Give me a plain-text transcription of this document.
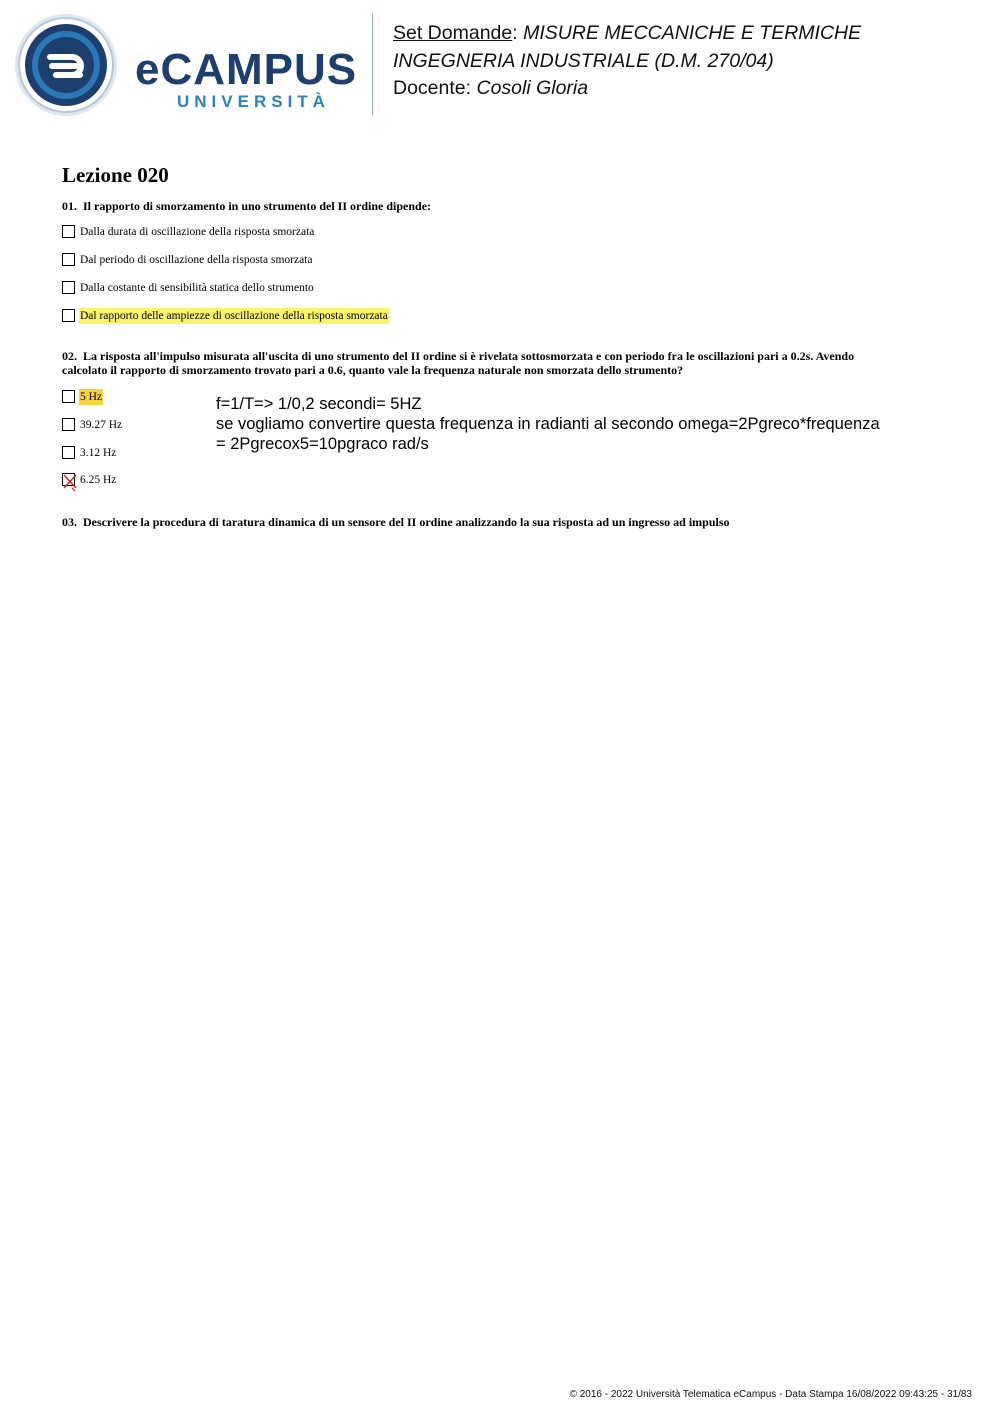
eCAMPUS
UNIVERSITÀ
Set Domande: MISURE MECCANICHE E TERMICHE
INGEGNERIA INDUSTRIALE (D.M. 270/04)
Docente: Cosoli Gloria
Lezione 020
01. Il rapporto di smorzamento in uno strumento del II ordine dipende:
Dalla durata di oscillazione della risposta smorzata
Dal periodo di oscillazione della risposta smorzata
Dalla costante di sensibilità statica dello strumento
Dal rapporto delle ampiezze di oscillazione della risposta smorzata
02. La risposta all'impulso misurata all'uscita di uno strumento del II ordine si è rivelata sottosmorzata e con periodo fra le oscillazioni pari a 0.2s. Avendo
calcolato il rapporto di smorzamento trovato pari a 0.6, quanto vale la frequenza naturale non smorzata dello strumento?
5 Hz
39.27 Hz
3.12 Hz
6.25 Hz
f=1/T=> 1/0,2 secondi= 5HZ
se vogliamo convertire questa frequenza in radianti al secondo omega=2Pgreco*frequenza
= 2Pgrecox5=10pgraco rad/s
03. Descrivere la procedura di taratura dinamica di un sensore del II ordine analizzando la sua risposta ad un ingresso ad impulso
© 2016 - 2022 Università Telematica eCampus - Data Stampa 16/08/2022 09:43:25 - 31/83
